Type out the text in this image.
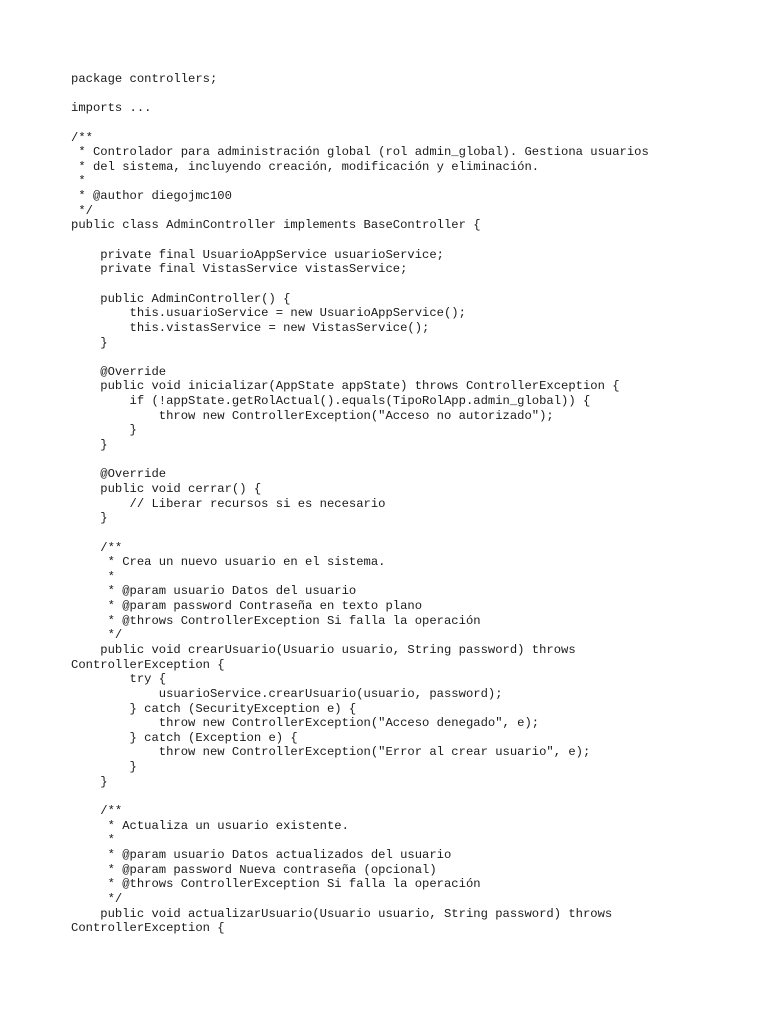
package controllers;
imports ...
/**
* Controlador para administración global (rol admin_global). Gestiona usuarios
* del sistema, incluyendo creación, modificación y eliminación.
*
* @author diegojmc100
*/
public class AdminController implements BaseController {
private final UsuarioAppService usuarioService;
private final VistasService vistasService;
public AdminController() {
this.usuarioService = new UsuarioAppService();
this.vistasService = new VistasService();
}
@Override
public void inicializar(AppState appState) throws ControllerException {
if (!appState.getRolActual().equals(TipoRolApp.admin_global)) {
throw new ControllerException("Acceso no autorizado");
}
}
@Override
public void cerrar() {
// Liberar recursos si es necesario
}
/**
* Crea un nuevo usuario en el sistema.
*
* @param usuario Datos del usuario
* @param password Contraseña en texto plano
* @throws ControllerException Si falla la operación
*/
public void crearUsuario(Usuario usuario, String password) throws
ControllerException {
try {
usuarioService.crearUsuario(usuario, password);
} catch (SecurityException e) {
throw new ControllerException("Acceso denegado", e);
} catch (Exception e) {
throw new ControllerException("Error al crear usuario", e);
}
}
/**
* Actualiza un usuario existente.
*
* @param usuario Datos actualizados del usuario
* @param password Nueva contraseña (opcional)
* @throws ControllerException Si falla la operación
*/
public void actualizarUsuario(Usuario usuario, String password) throws
ControllerException {
